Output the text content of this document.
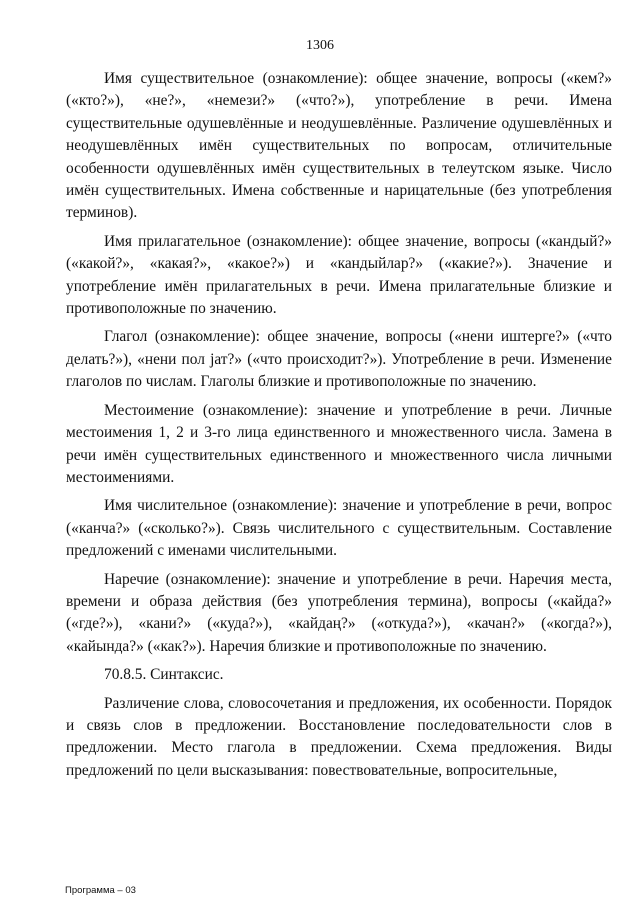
1306

Имя существительное (ознакомление): общее значение, вопросы («кем?» («кто?»), «не?», «немези?» («что?»), употребление в речи. Имена существительные одушевлённые и неодушевлённые. Различение одушевлённых и неодушевлённых имён существительных по вопросам, отличительные особенности одушевлённых имён существительных в телеутском языке. Число имён существительных. Имена собственные и нарицательные (без употребления терминов).

Имя прилагательное (ознакомление): общее значение, вопросы («кандый?» («какой?», «какая?», «какое?») и «кандыйлар?» («какие?»). Значение и употребление имён прилагательных в речи. Имена прилагательные близкие и противоположные по значению.

Глагол (ознакомление): общее значение, вопросы («нени иштерге?» («что делать?»), «нени пол јат?» («что происходит?»). Употребление в речи. Изменение глаголов по числам. Глаголы близкие и противоположные по значению.

Местоимение (ознакомление): значение и употребление в речи. Личные местоимения 1, 2 и 3-го лица единственного и множественного числа. Замена в речи имён существительных единственного и множественного числа личными местоимениями.

Имя числительное (ознакомление): значение и употребление в речи, вопрос («канча?» («сколько?»). Связь числительного с существительным. Составление предложений с именами числительными.

Наречие (ознакомление): значение и употребление в речи. Наречия места, времени и образа действия (без употребления термина), вопросы («кайда?» («где?»), «кани?» («куда?»), «кайдаң?» («откуда?»), «качан?» («когда?»), «кайында?» («как?»). Наречия близкие и противоположные по значению.

70.8.5. Синтаксис.

Различение слова, словосочетания и предложения, их особенности. Порядок и связь слов в предложении. Восстановление последовательности слов в предложении. Место глагола в предложении. Схема предложения. Виды предложений по цели высказывания: повествовательные, вопросительные,

Программа – 03
